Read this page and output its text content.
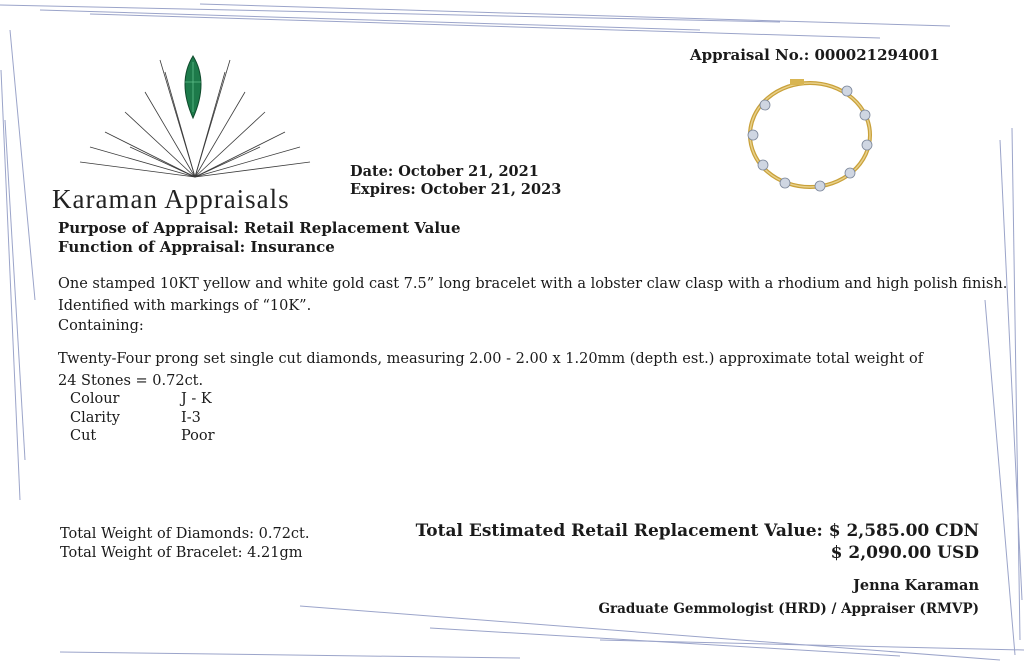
Karaman Appraisals
Appraisal No.: 000021294001
Date: October 21, 2021
Expires: October 21, 2023
Purpose of Appraisal: Retail Replacement Value
Function of Appraisal: Insurance
One stamped 10KT yellow and white gold cast 7.5” long bracelet with a lobster claw clasp with a rhodium and high polish finish.
Identified with markings of “10K”.
Containing:
Twenty-Four prong set single cut diamonds, measuring 2.00 - 2.00 x 1.20mm (depth est.) approximate total weight of
24 Stones = 0.72ct.
Colour	J - K
Clarity	I-3
Cut	Poor
Total Weight of Diamonds: 0.72ct.
Total Weight of Bracelet: 4.21gm
Total Estimated Retail Replacement Value: $ 2,585.00 CDN
$ 2,090.00 USD
Jenna Karaman
Graduate Gemmologist (HRD) / Appraiser (RMVP)
